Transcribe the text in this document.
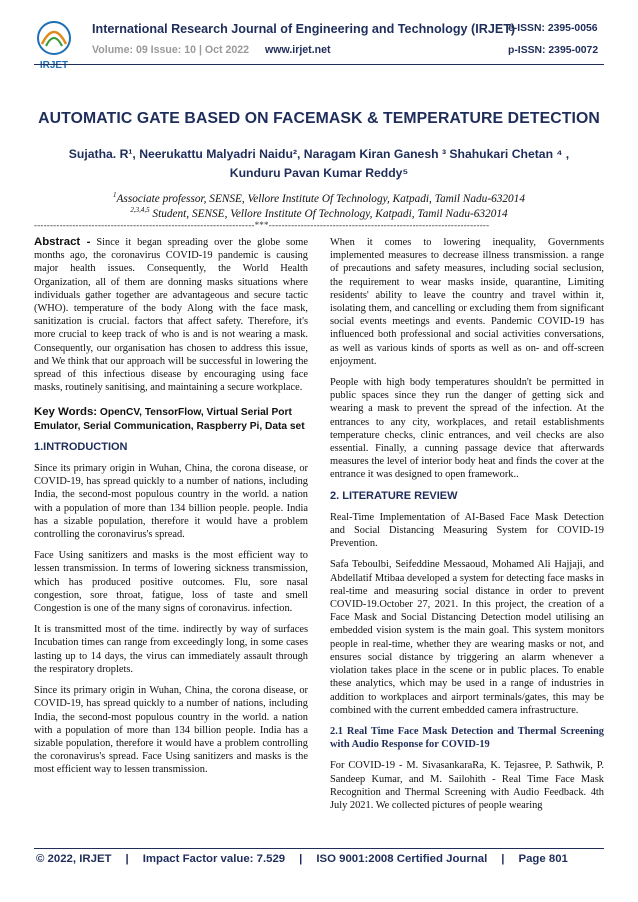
IRJET
International Research Journal of Engineering and Technology (IRJET)
e-ISSN: 2395-0056
Volume: 09 Issue: 10 | Oct 2022 www.irjet.net	p-ISSN: 2395-0072
AUTOMATIC GATE BASED ON FACEMASK & TEMPERATURE DETECTION
Sujatha. R¹, Neerukattu Malyadri Naidu², Naragam Kiran Ganesh ³ Shahukari Chetan ⁴ ,
Kunduru Pavan Kumar Reddy⁵
$^1$Associate professor, SENSE, Vellore Institute Of Technology, Katpadi, Tamil Nadu-632014
$^{2,3,4,5}$ Student, SENSE, Vellore Institute Of Technology, Katpadi, Tamil Nadu-632014
---------------------------------------------------------------------***---------------------------------------------------------------------

Abstract - Since it began spreading over the globe some months ago, the coronavirus COVID-19 pandemic is causing major health issues. Consequently, the World Health Organization, all of them are donning masks situations where individuals gather together are advantageous and secure tactic (WHO). temperature of the body Along with the face mask, sanitization is crucial. factors that affect safety. Therefore, it's more crucial to keep track of who is and is not wearing a mask. Consequently, our organisation has chosen to address this issue, and We think that our approach will be successful in lowering the spread of this infectious disease by encouraging using face masks, routinely sanitising, and maintaining a secure workplace.

Key Words: OpenCV, TensorFlow, Virtual Serial Port Emulator, Serial Communication, Raspberry Pi, Data set

1.INTRODUCTION

Since its primary origin in Wuhan, China, the corona disease, or COVID-19, has spread quickly to a number of nations, including India, the second-most populous country in the world. a nation with a population of more than 134 billion people. people. India has a sizable population, therefore it would have a problem controlling the coronavirus's spread.

Face Using sanitizers and masks is the most efficient way to lessen transmission. In terms of lowering sickness transmission, which has produced positive outcomes. Flu, sore nasal congestion, sore throat, fatigue, loss of taste and smell Congestion is one of the many signs of coronavirus. infection.

It is transmitted most of the time. indirectly by way of surfaces Incubation times can range from exceedingly long, in some cases lasting up to 14 days, the virus can immediately assault through the respiratory droplets.

Since its primary origin in Wuhan, China, the corona disease, or COVID-19, has spread quickly to a number of nations, including India, the second-most populous country in the world. a nation with a population of more than 134 billion people. India has a sizable population, therefore it would have a problem controlling the coronavirus's spread. Face Using sanitizers and masks is the most efficient way to lessen transmission.

When it comes to lowering inequality, Governments implemented measures to decrease illness transmission. a range of precautions and safety measures, including social seclusion, the requirement to wear masks inside, quarantine, Limiting residents' ability to leave the country and travel within it, isolating them, and cancelling or excluding them from significant social events meetings and events. Pandemic COVID-19 has influenced both professional and social activities conversations, as well as various kinds of sports as well as on- and off-screen enjoyment.

People with high body temperatures shouldn't be permitted in public spaces since they run the danger of getting sick and wearing a mask to prevent the spread of the infection. At the entrances to any city, workplaces, and retail establishments temperature checks, clinic entrances, and veil checks are also essential. Finally, a cunning passage device that afterwards measures the level of interior body heat and finds the cover at the entrance it was designed to open framework..

2. LITERATURE REVIEW

Real-Time Implementation of AI-Based Face Mask Detection and Social Distancing Measuring System for COVID-19 Prevention.

Safa Teboulbi, Seifeddine Messaoud, Mohamed Ali Hajjaji, and Abdellatif Mtibaa developed a system for detecting face masks in real-time and measuring social distance in order to prevent COVID-19.October 27, 2021. In this project, the creation of a Face Mask and Social Distancing Detection model utilising an embedded vision system is the main goal. This system monitors people in real-time, whether they are wearing masks or not, and ensures social distance by triggering an alarm whenever a violation takes place in the scene or in public places. To enable these analytics, which may be used in a range of industries in addition to workplaces and airport terminals/gates, this may be combined with the current embedded camera infrastructure.

2.1 Real Time Face Mask Detection and Thermal Screening with Audio Response for COVID-19

For COVID-19 - M. SivasankaraRa, K. Tejasree, P. Sathwik, P. Sandeep Kumar, and M. Sailohith - Real Time Face Mask Recognition and Thermal Screening with Audio Feedback. 4th July 2021. We collected pictures of people wearing

© 2022, IRJET	|	Impact Factor value: 7.529	|	ISO 9001:2008 Certified Journal	|	Page 801
